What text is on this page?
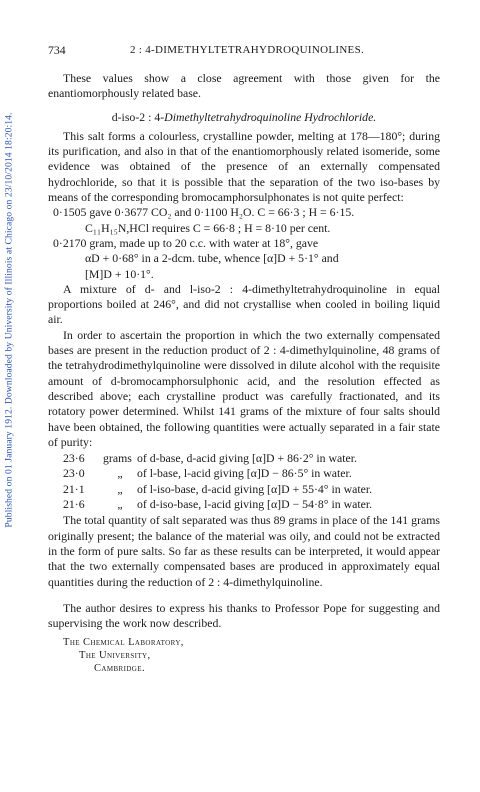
Published on 01 January 1912. Downloaded by University of Illinois at Chicago on 23/10/2014 18:20:14.
734	2 : 4-DIMETHYLTETRAHYDROQUINOLINES.

These values show a close agreement with those given for the enantiomorphously related base.

d-iso-2 : 4-Dimethyltetrahydroquinoline Hydrochloride.

This salt forms a colourless, crystalline powder, melting at 178—180°; during its purification, and also in that of the enantiomorphously related isomeride, some evidence was obtained of the presence of an externally compensated hydrochloride, so that it is possible that the separation of the two iso-bases by means of the corresponding bromocamphorsulphonates is not quite perfect:

0·1505 gave 0·3677 CO₂ and 0·1100 H₂O. C = 66·3 ; H = 6·15.
C₁₁H₁₅N,HCl requires C = 66·8 ; H = 8·10 per cent.
0·2170 gram, made up to 20 c.c. with water at 18°, gave
αD + 0·68° in a 2-dcm. tube, whence [α]D + 5·1° and
[M]D + 10·1°.

A mixture of d- and l-iso-2 : 4-dimethyltetrahydroquinoline in equal proportions boiled at 246°, and did not crystallise when cooled in boiling liquid air.

In order to ascertain the proportion in which the two externally compensated bases are present in the reduction product of 2 : 4-dimethylquinoline, 48 grams of the tetrahydrodimethylquinoline were dissolved in dilute alcohol with the requisite amount of d-bromocamphorsulphonic acid, and the resolution effected as described above; each crystalline product was carefully fractionated, and its rotatory power determined. Whilst 141 grams of the mixture of four salts should have been obtained, the following quantities were actually separated in a fair state of purity:

23·6	grams	of d-base, d-acid giving [α]D + 86·2° in water.
23·0	„	of l-base, l-acid giving [α]D − 86·5° in water.
21·1	„	of l-iso-base, d-acid giving [α]D + 55·4° in water.
21·6	„	of d-iso-base, l-acid giving [α]D − 54·8° in water.

The total quantity of salt separated was thus 89 grams in place of the 141 grams originally present; the balance of the material was oily, and could not be extracted in the form of pure salts. So far as these results can be interpreted, it would appear that the two externally compensated bases are produced in approximately equal quantities during the reduction of 2 : 4-dimethylquinoline.

The author desires to express his thanks to Professor Pope for suggesting and supervising the work now described.

The Chemical Laboratory,
The University,
Cambridge.
